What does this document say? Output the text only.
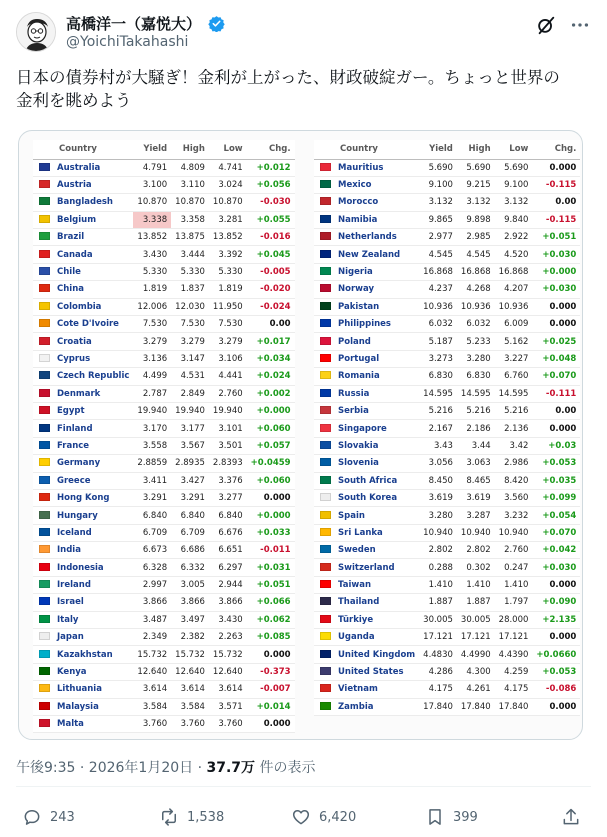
高橋洋一（嘉悦大）
@YoichiTakahashi
日本の債券村が大騒ぎ！金利が上がった、財政破綻ガー。ちょっと世界の
金利を眺めよう
Country	Yield	High	Low	Chg.
Australia	4.791	4.809	4.741	+0.012
Austria	3.100	3.110	3.024	+0.056
Bangladesh	10.870	10.870	10.870	-0.030
Belgium	3.338	3.358	3.281	+0.055
Brazil	13.852	13.875	13.852	-0.016
Canada	3.430	3.444	3.392	+0.045
Chile	5.330	5.330	5.330	-0.005
China	1.819	1.837	1.819	-0.020
Colombia	12.006	12.030	11.950	-0.024
Cote D'Ivoire	7.530	7.530	7.530	0.00
Croatia	3.279	3.279	3.279	+0.017
Cyprus	3.136	3.147	3.106	+0.034
Czech Republic	4.499	4.531	4.441	+0.024
Denmark	2.787	2.849	2.760	+0.002
Egypt	19.940	19.940	19.940	+0.000
Finland	3.170	3.177	3.101	+0.060
France	3.558	3.567	3.501	+0.057
Germany	2.8859	2.8935	2.8393	+0.0459
Greece	3.411	3.427	3.376	+0.060
Hong Kong	3.291	3.291	3.277	0.000
Hungary	6.840	6.840	6.840	+0.000
Iceland	6.709	6.709	6.676	+0.033
India	6.673	6.686	6.651	-0.011
Indonesia	6.328	6.332	6.297	+0.031
Ireland	2.997	3.005	2.944	+0.051
Israel	3.866	3.866	3.866	+0.066
Italy	3.487	3.497	3.430	+0.062
Japan	2.349	2.382	2.263	+0.085
Kazakhstan	15.732	15.732	15.732	0.000
Kenya	12.640	12.640	12.640	-0.373
Lithuania	3.614	3.614	3.614	-0.007
Malaysia	3.584	3.584	3.571	+0.014
Malta	3.760	3.760	3.760	0.000
Country	Yield	High	Low	Chg.
Mauritius	5.690	5.690	5.690	0.000
Mexico	9.100	9.215	9.100	-0.115
Morocco	3.132	3.132	3.132	0.00
Namibia	9.865	9.898	9.840	-0.115
Netherlands	2.977	2.985	2.922	+0.051
New Zealand	4.545	4.545	4.520	+0.030
Nigeria	16.868	16.868	16.868	+0.000
Norway	4.237	4.268	4.207	+0.030
Pakistan	10.936	10.936	10.936	0.000
Philippines	6.032	6.032	6.009	0.000
Poland	5.187	5.233	5.162	+0.025
Portugal	3.273	3.280	3.227	+0.048
Romania	6.830	6.830	6.760	+0.070
Russia	14.595	14.595	14.595	-0.111
Serbia	5.216	5.216	5.216	0.00
Singapore	2.167	2.186	2.136	0.000
Slovakia	3.43	3.44	3.42	+0.03
Slovenia	3.056	3.063	2.986	+0.053
South Africa	8.450	8.465	8.420	+0.035
South Korea	3.619	3.619	3.560	+0.099
Spain	3.280	3.287	3.232	+0.054
Sri Lanka	10.940	10.940	10.940	+0.070
Sweden	2.802	2.802	2.760	+0.042
Switzerland	0.288	0.302	0.247	+0.030
Taiwan	1.410	1.410	1.410	0.000
Thailand	1.887	1.887	1.797	+0.090
Türkiye	30.005	30.005	28.000	+2.135
Uganda	17.121	17.121	17.121	0.000
United Kingdom	4.4830	4.4990	4.4390	+0.0660
United States	4.286	4.300	4.259	+0.053
Vietnam	4.175	4.261	4.175	-0.086
Zambia	17.840	17.840	17.840	0.000
午後9:35 · 2026年1月20日 · 37.7万 件の表示
243	1,538	6,420	399
